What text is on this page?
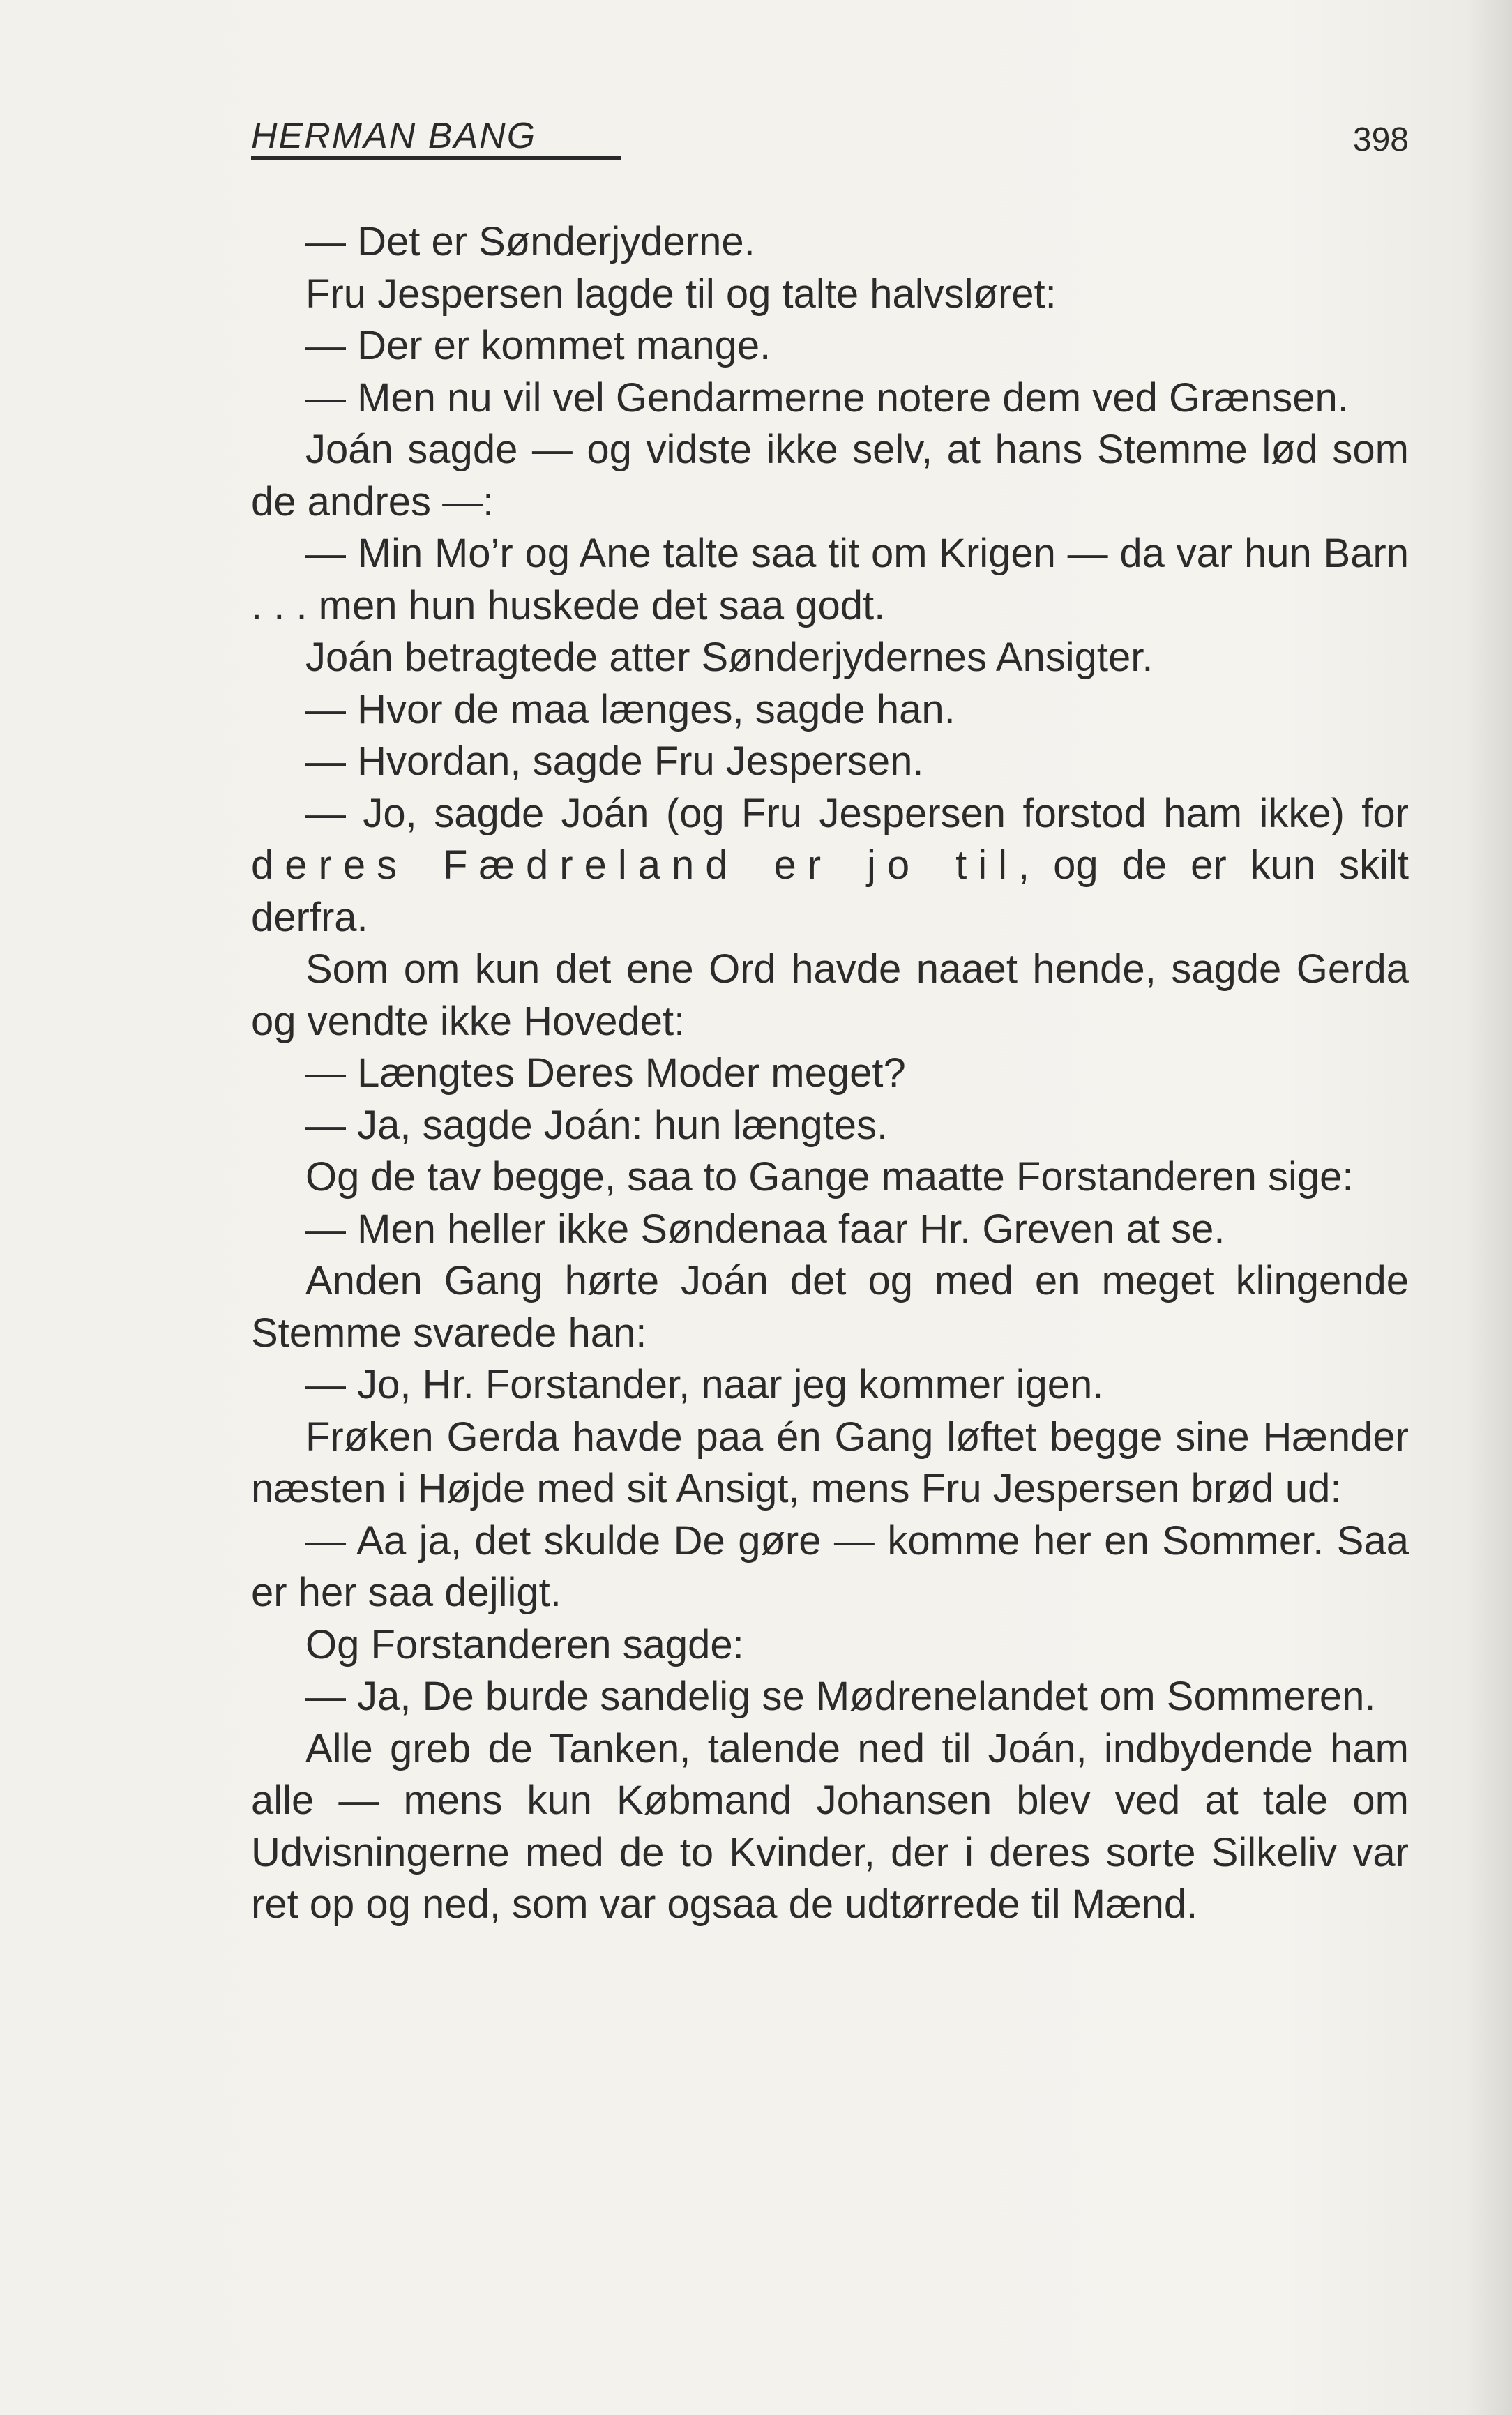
HERMAN BANG	398

— Det er Sønderjyderne.

Fru Jespersen lagde til og talte halvsløret:

— Der er kommet mange.

— Men nu vil vel Gendarmerne notere dem ved Grænsen.

Joán sagde — og vidste ikke selv, at hans Stemme lød som de andres —:

— Min Mo’r og Ane talte saa tit om Krigen — da var hun Barn . . . men hun huskede det saa godt.

Joán betragtede atter Sønderjydernes Ansigter.

— Hvor de maa længes, sagde han.

— Hvordan, sagde Fru Jespersen.

— Jo, sagde Joán (og Fru Jespersen forstod ham ikke) for deres Fædreland er jo til, og de er kun skilt derfra.

Som om kun det ene Ord havde naaet hende, sagde Gerda og vendte ikke Hovedet:

— Længtes Deres Moder meget?

— Ja, sagde Joán: hun længtes.

Og de tav begge, saa to Gange maatte Forstanderen sige:

— Men heller ikke Søndenaa faar Hr. Greven at se.

Anden Gang hørte Joán det og med en meget klingende Stemme svarede han:

— Jo, Hr. Forstander, naar jeg kommer igen.

Frøken Gerda havde paa én Gang løftet begge sine Hænder næsten i Højde med sit Ansigt, mens Fru Jespersen brød ud:

— Aa ja, det skulde De gøre — komme her en Sommer. Saa er her saa dejligt.

Og Forstanderen sagde:

— Ja, De burde sandelig se Mødrenelandet om Sommeren.

Alle greb de Tanken, talende ned til Joán, indbydende ham alle — mens kun Købmand Johansen blev ved at tale om Udvisningerne med de to Kvinder, der i deres sorte Silkeliv var ret op og ned, som var ogsaa de udtørrede til Mænd.
